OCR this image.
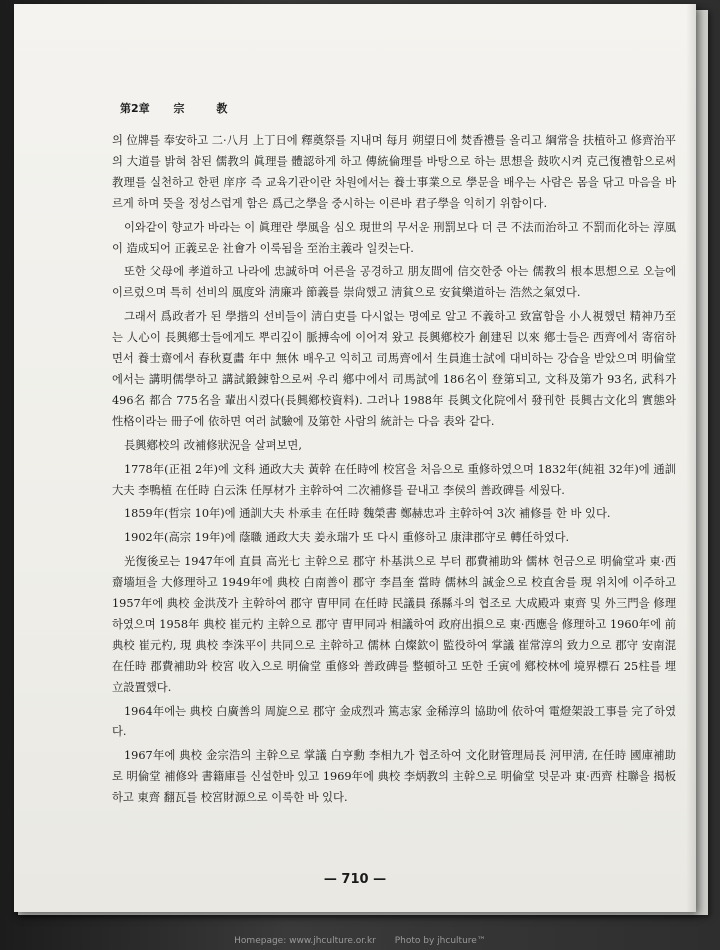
第2章 宗 教

의 位牌를 奉安하고 二·八月 上丁日에 釋奠祭를 지내며 每月 朔望日에 焚香禮를 올리고 綱常을 扶植하고 修齊治平의 大道를 밝혀 참된 儒教의 眞理를 體認하게 하고 傳統倫理를 바탕으로 하는 思想을 鼓吹시켜 克己復禮함으로써 教理를 실천하고 한편 庠序 즉 교육기관이란 차원에서는 養士事業으로 學문을 배우는 사람은 몸을 닦고 마음을 바르게 하며 뜻을 정성스럽게 함은 爲己之學을 중시하는 이른바 君子學을 익히기 위함이다.

이와같이 향교가 바라는 이 眞理란 學風을 심오 現世의 무서운 刑罰보다 더 큰 不法而治하고 不罰而化하는 淳風이 造成되어 正義로운 社會가 이룩됨을 至治主義라 일컷는다.

또한 父母에 孝道하고 나라에 忠誠하며 어른을 공경하고 朋友間에 信交한중 아는 儒教의 根本思想으로 오늘에 이르렀으며 특히 선비의 風度와 淸廉과 節義를 崇尙했고 淸貧으로 安貧樂道하는 浩然之氣였다.

그래서 爲政者가 된 學揩의 선비들이 淸白吏를 다시없는 명예로 알고 不義하고 致富함을 小人視했던 精神乃至는 人心이 長興鄕士들에게도 뿌리깊이 脈搏속에 이어져 왔고 長興鄕校가 創建된 以來 鄕士들은 西齊에서 寄宿하면서 養士齋에서 春秋夏畵 年中 無休 배우고 익히고 司馬齊에서 生員進士試에 대비하는 강습을 받았으며 明倫堂에서는 講明儒學하고 講試鍛錬함으로써 우리 鄕中에서 司馬試에 186名이 登第되고, 文科及第가 93名, 武科가 496名 都合 775名을 輩出시켰다(長興鄕校資料). 그러나 1988年 長興文化院에서 發刊한 長興古文化의 實態와 性格이라는 冊子에 依하면 여러 試驗에 及第한 사람의 統計는 다음 表와 같다.

長興鄕校의 改補修狀況을 살펴보면,

1778年(正祖 2年)에 文科 通政大夫 黃幹 在任時에 校宮을 처음으로 重修하였으며 1832年(純祖 32年)에 通訓大夫 李鴨植 在任時 白云洙 任厚材가 主幹하여 二次補修를 끝내고 李侯의 善政碑를 세웠다.

1859年(哲宗 10年)에 通訓大夫 朴承圭 在任時 魏榮書 鄭赫忠과 主幹하여 3次 補修를 한 바 있다.

1902年(高宗 19年)에 蔭職 通政大夫 姜永瑞가 또 다시 重修하고 康津郡守로 轉任하였다.

光復後로는 1947年에 直員 高光七 主幹으로 郡守 朴基洪으로 부터 郡費補助와 儒林 헌금으로 明倫堂과 東·西齋墻垣을 大修理하고 1949年에 典校 白南善이 郡守 李昌奎 當時 儒林의 誠金으로 校直舍를 現 위치에 이주하고 1957年에 典校 金洪茂가 主幹하여 郡守 曺甲同 在任時 民議員 孫縣斗의 협조로 大成殿과 東齊 및 外三門을 修理하였으며 1958年 典校 崔元杓 主幹으로 郡守 曺甲同과 相議하여 政府出損으로 東·西應을 修理하고 1960年에 前 典校 崔元杓, 現 典校 李洙平이 共同으로 主幹하고 儒林 白燦欽이 監役하여 掌議 崔常淳의 致力으로 郡守 安南混 在任時 郡費補助와 校宮 收入으로 明倫堂 重修와 善政碑를 整頓하고 또한 壬寅에 鄕校林에 境界標石 25柱를 埋立設置했다.

1964年에는 典校 白廣善의 周旋으로 郡守 金成烈과 篤志家 金稀淳의 協助에 依하여 電燈架設工事를 完了하였다.

1967年에 典校 金宗浩의 主幹으로 掌議 白亨勳 李相九가 협조하여 文化財管理局長 河甲淸, 在任時 國庫補助로 明倫堂 補修와 書籍庫를 신설한바 있고 1969年에 典校 李炳教의 主幹으로 明倫堂 덧문과 東·西齊 柱聯을 揭板하고 東齊 翻瓦를 校宮財源으로 이룩한 바 있다.

— 710 —
Homepage: www.jhculture.or.kr Photo by jhculture™
